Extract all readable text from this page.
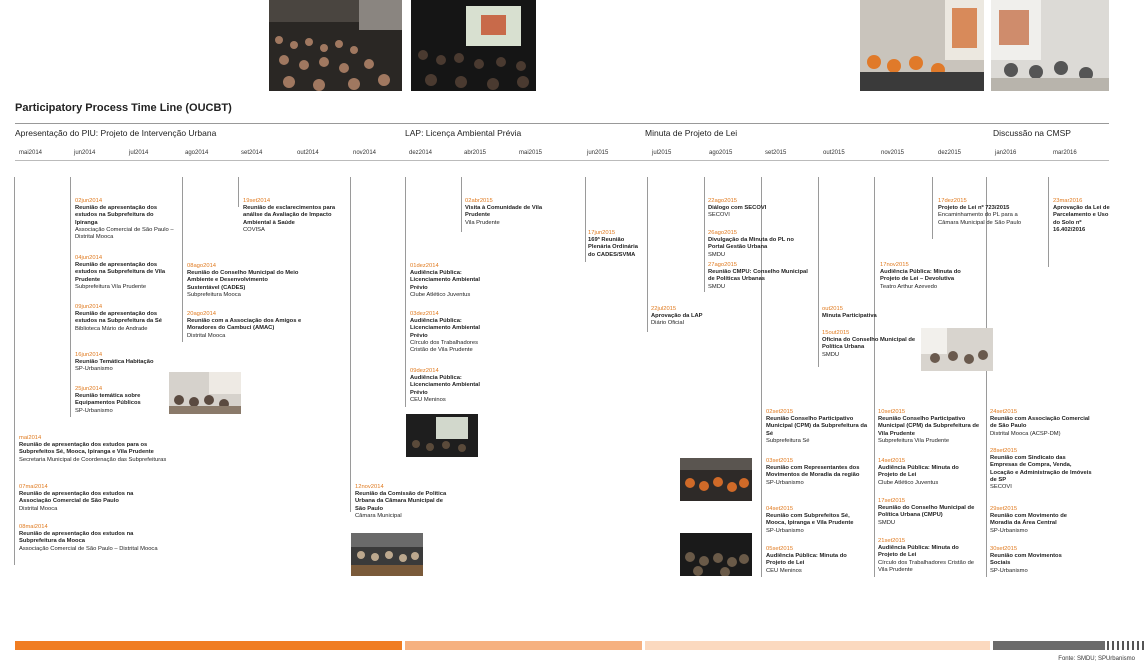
Participatory Process Time Line (OUCBT)
Apresentação do PIU: Projeto de Intervenção Urbana	LAP: Licença Ambiental Prévia	Minuta de Projeto de Lei	Discussão na CMSP
mai2014	jun2014	jul2014	ago2014	set2014	out2014	nov2014	dez2014	abr2015	mai2015	jun2015	jul2015	ago2015	set2015	out2015	nov2015	dez2015	jan2016	mar2016
02jun2014
Reunião de apresentação dos estudos na Subprefeitura do Ipiranga
Associação Comercial de São Paulo – Distrital Mooca
04jun2014
Reunião de apresentação dos estudos na Subprefeitura de Vila Prudente
Subprefeitura Vila Prudente
09jun2014
Reunião de apresentação dos estudos na Subprefeitura da Sé
Biblioteca Mário de Andrade
16jun2014
Reunião Temática Habitação
SP-Urbanismo
25jun2014
Reunião temática sobre Equipamentos Públicos
SP-Urbanismo
mai2014
Reunião de apresentação dos estudos para os Subprefeitos Sé, Mooca, Ipiranga e Vila Prudente
Secretaria Municipal de Coordenação das Subprefeituras
07mai2014
Reunião de apresentação dos estudos na Associação Comercial de São Paulo
Distrital Mooca
08mai2014
Reunião de apresentação dos estudos na Subprefeitura da Mooca
Associação Comercial de São Paulo – Distrital Mooca
19set2014
Reunião de esclarecimentos para análise da Avaliação de Impacto Ambiental à Saúde
COVISA
08ago2014
Reunião do Conselho Municipal do Meio Ambiente e Desenvolvimento Sustentável (CADES)
Subprefeitura Mooca
20ago2014
Reunião com a Associação dos Amigos e Moradores do Cambuci (AMAC)
Distrital Mooca
12nov2014
Reunião da Comissão de Política Urbana da Câmara Municipal de São Paulo
Câmara Municipal
02abr2015
Visita à Comunidade de Vila Prudente
Vila Prudente
01dez2014
Audiência Pública: Licenciamento Ambiental Prévio
Clube Atlético Juventus
03dez2014
Audiência Pública: Licenciamento Ambiental Prévio
Círculo dos Trabalhadores Cristão de Vila Prudente
09dez2014
Audiência Pública: Licenciamento Ambiental Prévio
CEU Meninos
17jun2015
169ª Reunião Plenária Ordinária do CADES/SVMA
22jul2015
Aprovação da LAP
Diário Oficial
22ago2015
Diálogo com SECOVI
SECOVI
26ago2015
Divulgação da Minuta do PL no Portal Gestão Urbana
SMDU
27ago2015
Reunião CMPU: Conselho Municipal de Políticas Urbanas
SMDU
02set2015
Reunião Conselho Participativo Municipal (CPM) da Subprefeitura da Sé
Subprefeitura Sé
03set2015
Reunião com Representantes dos Movimentos de Moradia da região
SP-Urbanismo
04set2015
Reunião com Subprefeitos Sé, Mooca, Ipiranga e Vila Prudente
SP-Urbanismo
05set2015
Audiência Pública: Minuta do Projeto de Lei
CEU Meninos
out2015
Minuta Participativa
15out2015
Oficina do Conselho Municipal de Política Urbana
SMDU
17nov2015
Audiência Pública: Minuta do Projeto de Lei – Devolutiva
Teatro Arthur Azevedo
10set2015
Reunião Conselho Participativo Municipal (CPM) da Subprefeitura de Vila Prudente
Subprefeitura Vila Prudente
14set2015
Audiência Pública: Minuta do Projeto de Lei
Clube Atlético Juventus
17set2015
Reunião do Conselho Municipal de Política Urbana (CMPU)
SMDU
21set2015
Audiência Pública: Minuta do Projeto de Lei
Círculo dos Trabalhadores Cristão de Vila Prudente
17dez2015
Projeto de Lei nº 723/2015
Encaminhamento do PL para a Câmara Municipal de São Paulo
23mar2016
Aprovação da Lei de Parcelamento e Uso do Solo nº 16.402/2016
24set2015
Reunião com Associação Comercial de São Paulo
Distrital Mooca (ACSP-DM)
28set2015
Reunião com Sindicato das Empresas de Compra, Venda, Locação e Administração de Imóveis de SP
SECOVI
29set2015
Reunião com Movimento de Moradia da Área Central
SP-Urbanismo
30set2015
Reunião com Movimentos Sociais
SP-Urbanismo
Fonte: SMDU; SPUrbanismo
